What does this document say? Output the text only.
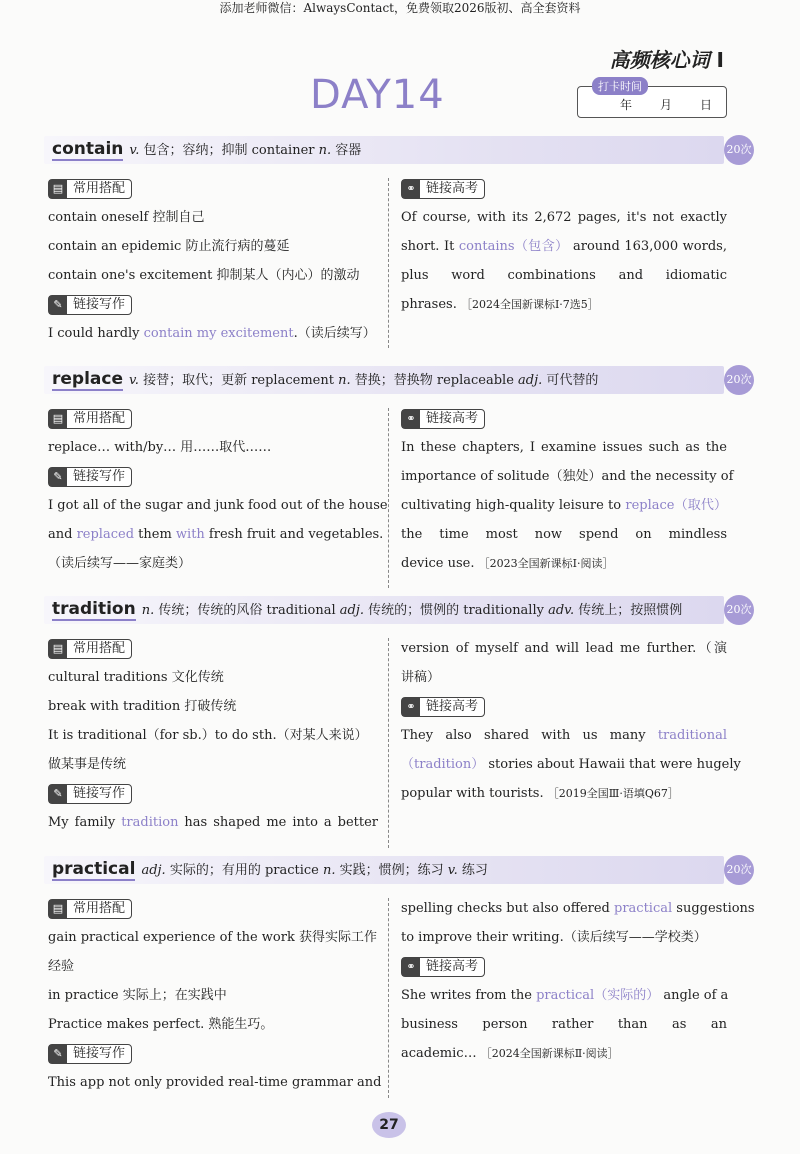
添加老师微信：AlwaysContact，免费领取2026版初、高全套资料
高频核心词 I
DAY14	打卡时间
年 月 日
contain v. 包含；容纳；抑制 container n. 容器	20次
▤ 常用搭配
contain oneself 控制自己
contain an epidemic 防止流行病的蔓延
contain one's excitement 抑制某人（内心）的激动
✎ 链接写作
I could hardly contain my excitement.（读后续写）
⚭ 链接高考
Of course, with its 2,672 pages, it's not exactly
short. It contains（包含） around 163,000 words,
plus word combinations and idiomatic
phrases. ［2024全国新课标Ⅰ·7选5］
replace v. 接替；取代；更新 replacement n. 替换；替换物 replaceable adj. 可代替的	20次
▤ 常用搭配
replace… with/by… 用……取代……
✎ 链接写作
I got all of the sugar and junk food out of the house
and replaced them with fresh fruit and vegetables.
（读后续写——家庭类）
⚭ 链接高考
In these chapters, I examine issues such as the
importance of solitude（独处）and the necessity of
cultivating high-quality leisure to replace（取代）
the time most now spend on mindless
device use. ［2023全国新课标Ⅰ·阅读］
tradition n. 传统；传统的风俗 traditional adj. 传统的；惯例的 traditionally adv. 传统上；按照惯例	20次
▤ 常用搭配
cultural traditions 文化传统
break with tradition 打破传统
It is traditional（for sb.）to do sth.（对某人来说）
做某事是传统
✎ 链接写作
My family tradition has shaped me into a better
version of myself and will lead me further.（演
讲稿）
⚭ 链接高考
They also shared with us many traditional
（tradition） stories about Hawaii that were hugely
popular with tourists. ［2019全国Ⅲ·语填Q67］
practical adj. 实际的；有用的 practice n. 实践；惯例；练习 v. 练习	20次
▤ 常用搭配
gain practical experience of the work 获得实际工作
经验
in practice 实际上；在实践中
Practice makes perfect. 熟能生巧。
✎ 链接写作
This app not only provided real-time grammar and
spelling checks but also offered practical suggestions
to improve their writing.（读后续写——学校类）
⚭ 链接高考
She writes from the practical（实际的） angle of a
business person rather than as an
academic… ［2024全国新课标Ⅱ·阅读］
27
